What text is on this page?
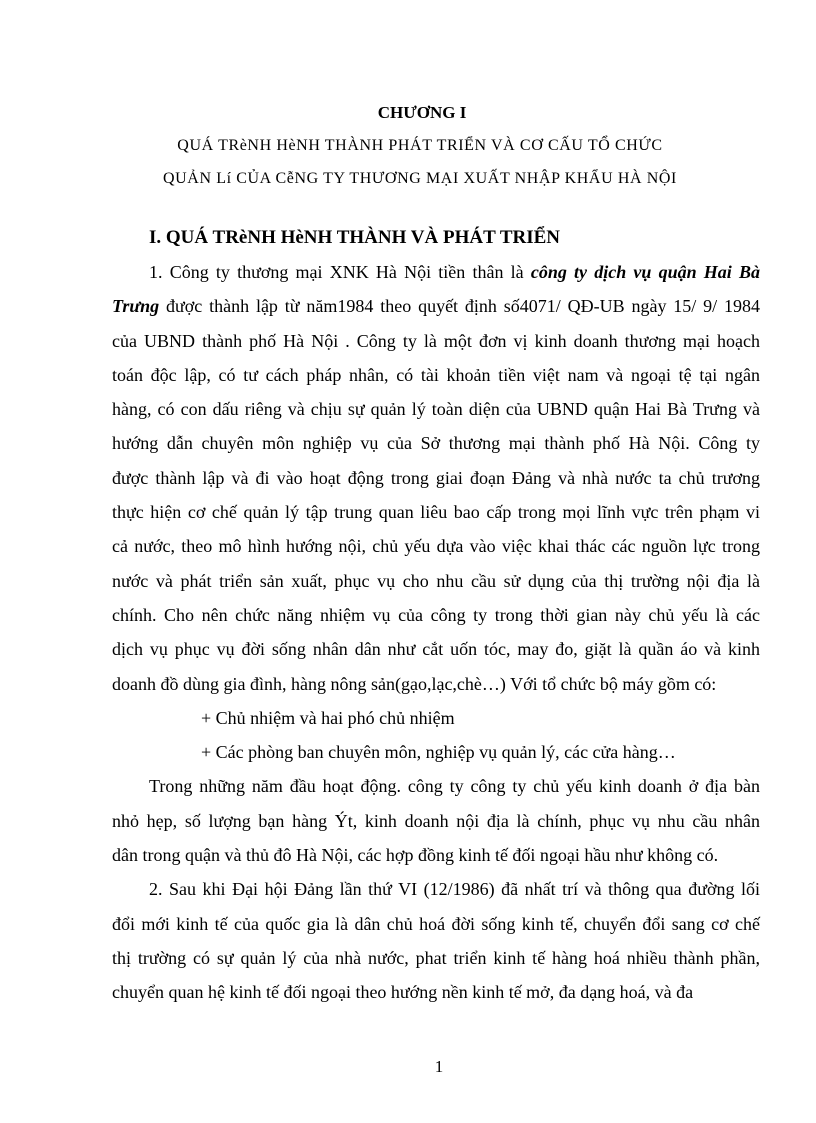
CHƯƠNG I
QUÁ TRèNH HèNH THÀNH PHÁT TRIỂN VÀ CƠ CẤU TỔ CHỨC
QUẢN Lí CỦA CễNG TY THƯƠNG MẠI XUẤT NHẬP KHẨU HÀ NỘI
I. QUÁ TRèNH HèNH THÀNH VÀ PHÁT TRIỂN
1. Công ty thương mại XNK Hà Nội tiền thân là công ty dịch vụ quận Hai Bà
Trưng được thành lập từ năm1984 theo quyết định số4071/ QĐ-UB ngày 15/ 9/ 1984
của UBND thành phố Hà Nội . Công ty là một đơn vị kinh doanh thương mại hoạch
toán độc lập, có tư cách pháp nhân, có tài khoản tiền việt nam và ngoại tệ tại ngân
hàng, có con dấu riêng và chịu sự quản lý toàn diện của UBND quận Hai Bà Trưng và
hướng dẫn chuyên môn nghiệp vụ của Sở thương mại thành phố Hà Nội. Công ty
được thành lập và đi vào hoạt động trong giai đoạn Đảng và nhà nước ta chủ trương
thực hiện cơ chế quản lý tập trung quan liêu bao cấp trong mọi lĩnh vực trên phạm vi
cả nước, theo mô hình hướng nội, chủ yếu dựa vào việc khai thác các nguồn lực trong
nước và phát triển sản xuất, phục vụ cho nhu cầu sử dụng của thị trường nội địa là
chính. Cho nên chức năng nhiệm vụ của công ty trong thời gian này chủ yếu là các
dịch vụ phục vụ đời sống nhân dân như cắt uốn tóc, may đo, giặt là quần áo và kinh
doanh đồ dùng gia đình, hàng nông sản(gạo,lạc,chè…) Với tổ chức bộ máy gồm có:
+ Chủ nhiệm và hai phó chủ nhiệm
+ Các phòng ban chuyên môn, nghiệp vụ quản lý, các cửa hàng…
Trong những năm đầu hoạt động. công ty công ty chủ yếu kinh doanh ở địa bàn
nhỏ hẹp, số lượng bạn hàng Ýt, kinh doanh nội địa là chính, phục vụ nhu cầu nhân
dân trong quận và thủ đô Hà Nội, các hợp đồng kinh tế đối ngoại hầu như không có.
2. Sau khi Đại hội Đảng lần thứ VI (12/1986) đã nhất trí và thông qua đường lối
đổi mới kinh tế của quốc gia là dân chủ hoá đời sống kinh tế, chuyển đổi sang cơ chế
thị trường có sự quản lý của nhà nước, phat triển kinh tế hàng hoá nhiều thành phần,
chuyển quan hệ kinh tế đối ngoại theo hướng nền kinh tế mở, đa dạng hoá, và đa
1
